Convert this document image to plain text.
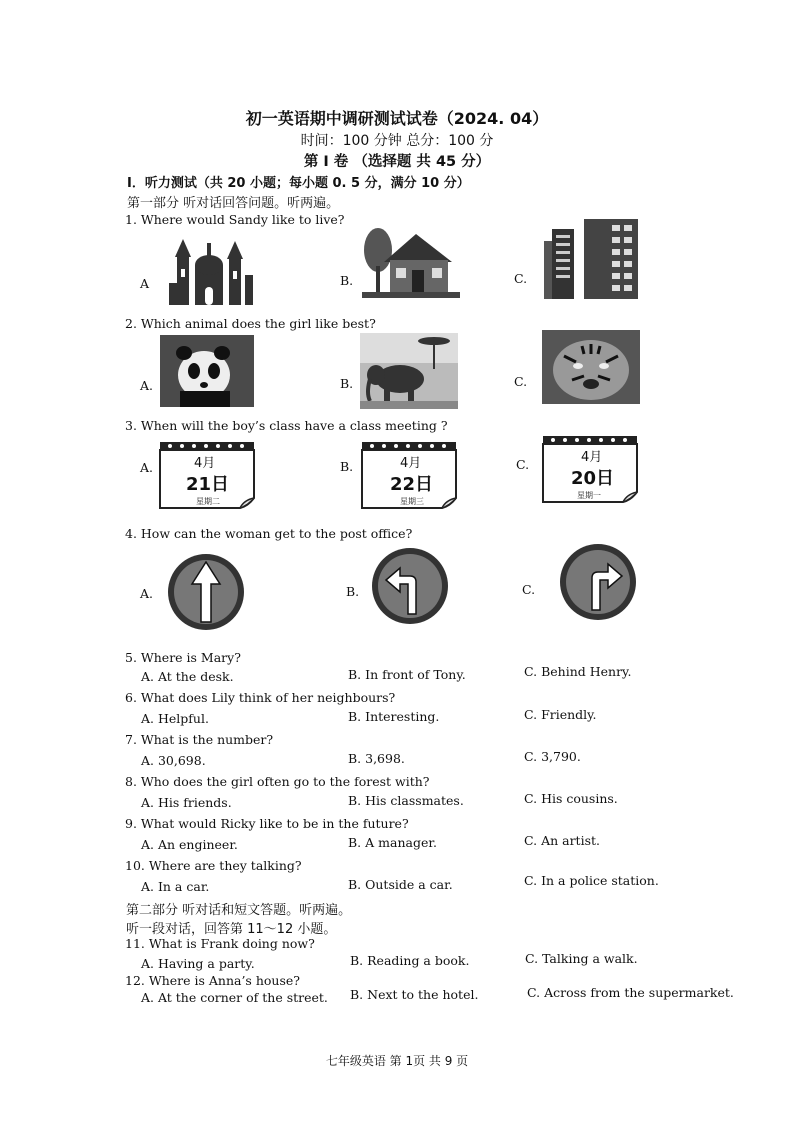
初一英语期中调研测试试卷（2024. 04）
时间：100 分钟 总分：100 分
第 I 卷 （选择题 共 45 分）
I．听力测试（共 20 小题；每小题 0. 5 分，满分 10 分）
第一部分 听对话回答问题。听两遍。
1. Where would Sandy like to live?
A	B.	C.
2. Which animal does the girl like best?
A.	B.	C.
3. When will the boy’s class have a class meeting ?
A.	4月
21日
星期二
B.	4月
22日
星期三
C.	4月
20日
星期一
4. How can the woman get to the post office?
A.	B.	C.
5. Where is Mary?
A. At the desk.	B. In front of Tony.	C. Behind Henry.
6. What does Lily think of her neighbours?
A. Helpful.	B. Interesting.	C. Friendly.
7. What is the number?
A. 30,698.	B. 3,698.	C. 3,790.
8. Who does the girl often go to the forest with?
A. His friends.	B. His classmates.	C. His cousins.
9. What would Ricky like to be in the future?
A. An engineer.	B. A manager.	C. An artist.
10. Where are they talking?
A. In a car.	B. Outside a car.	C. In a police station.
第二部分 听对话和短文答题。听两遍。
听一段对话，回答第 11～12 小题。
11. What is Frank doing now?
A. Having a party.	B. Reading a book.	C. Talking a walk.
12. Where is Anna’s house?
A. At the corner of the street. B. Next to the hotel.	C. Across from the supermarket.
七年级英语 第 1页 共 9 页
